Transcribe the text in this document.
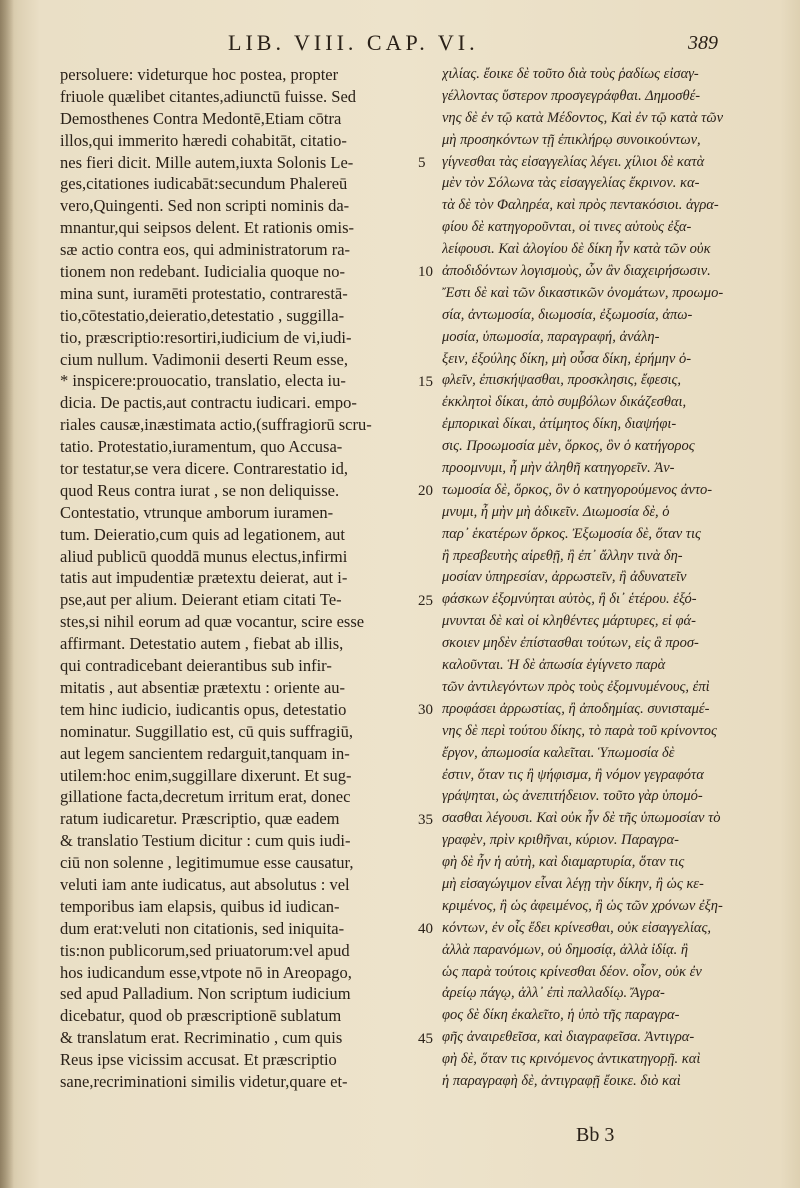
LIB. VIII. CAP. VI.	389
persoluere: videturque hoc postea, propter
friuole quælibet citantes,adiunctū fuisse. Sed
Demosthenes Contra Medontē,Etiam cōtra
illos,qui immerito hæredi cohabitāt, citatio-
nes fieri dicit. Mille autem,iuxta Solonis Le-
ges,citationes iudicabāt:secundum Phalereū
vero,Quingenti. Sed non scripti nominis da-
mnantur,qui seipsos delent. Et rationis omis-
sæ actio contra eos, qui administratorum ra-
tionem non redebant. Iudicialia quoque no-
mina sunt, iuramēti protestatio, contrarestā-
tio,cōtestatio,deieratio,detestatio , suggilla-
tio, præscriptio:resortiri,iudicium de vi,iudi-
cium nullum. Vadimonii deserti Reum esse,
* inspicere:prouocatio, translatio, electa iu-
dicia. De pactis,aut contractu iudicari. empo-
riales causæ,inæstimata actio,(suffragiorū scru-
tatio. Protestatio,iuramentum, quo Accusa-
tor testatur,se vera dicere. Contrarestatio id,
quod Reus contra iurat , se non deliquisse.
Contestatio, vtrunque amborum iuramen-
tum. Deieratio,cum quis ad legationem, aut
aliud publicū quoddā munus electus,infirmi
tatis aut impudentiæ prætextu deierat, aut i-
pse,aut per alium. Deierant etiam citati Te-
stes,si nihil eorum ad quæ vocantur, scire esse
affirmant. Detestatio autem , fiebat ab illis,
qui contradicebant deierantibus sub infir-
mitatis , aut absentiæ prætextu : oriente au-
tem hinc iudicio, iudicantis opus, detestatio
nominatur. Suggillatio est, cū quis suffragiū,
aut legem sancientem redarguit,tanquam in-
utilem:hoc enim,suggillare dixerunt. Et sug-
gillatione facta,decretum irritum erat, donec
ratum iudicaretur. Præscriptio, quæ eadem
& translatio Testium dicitur : cum quis iudi-
ciū non solenne , legitimumue esse causatur,
veluti iam ante iudicatus, aut absolutus : vel
temporibus iam elapsis, quibus id iudican-
dum erat:veluti non citationis, sed iniquita-
tis:non publicorum,sed priuatorum:vel apud
hos iudicandum esse,vtpote nō in Areopago,
sed apud Palladium. Non scriptum iudicium
dicebatur, quod ob præscriptionē sublatum
& translatum erat. Recriminatio , cum quis
Reus ipse vicissim accusat. Et præscriptio
sane,recriminationi similis videtur,quare et-
5
10
15
20
25
30
35
40
45
χιλίας. ἔοικε δὲ τοῦτο διὰ τοὺς ῥαδίως εἰσαγ-
γέλλοντας ὕστερον προσγεγράφθαι. Δημοσθέ-
νης δὲ ἐν τῷ κατὰ Μέδοντος, Καὶ ἐν τῷ κατὰ τῶν
μὴ προσηκόντων τῇ ἐπικλήρῳ συνοικούντων,
γίγνεσθαι τὰς εἰσαγγελίας λέγει. χίλιοι δὲ κατὰ
μὲν τὸν Σόλωνα τὰς εἰσαγγελίας ἔκρινον. κα-
τὰ δὲ τὸν Φαληρέα, καὶ πρὸς πεντακόσιοι. ἀγρα-
φίου δὲ κατηγοροῦνται, οἱ τινες αὑτοὺς ἐξα-
λείφουσι. Καὶ ἀλογίου δὲ δίκη ἦν κατὰ τῶν οὐκ
ἀποδιδόντων λογισμοὺς, ὧν ἂν διαχειρήσωσιν.
Ἔστι δὲ καὶ τῶν δικαστικῶν ὀνομάτων, προωμο-
σία, ἀντωμοσία, διωμοσία, ἐξωμοσία, ἀπω-
μοσία, ὑπωμοσία, παραγραφή, ἀνάλη-
ξειν, ἐξούλης δίκη, μὴ οὖσα δίκη, ἐρήμην ὀ-
φλεῖν, ἐπισκήψασθαι, προσκλησις, ἔφεσις,
ἐκκλητοὶ δίκαι, ἀπὸ συμβόλων δικάζεσθαι,
ἐμπορικαὶ δίκαι, ἀτίμητος δίκη, διαψήφι-
σις. Προωμοσία μὲν, ὅρκος, ὃν ὁ κατήγορος
προομνυμι, ἦ μὴν ἀληθῆ κατηγορεῖν. Ἀν-
τωμοσία δὲ, ὅρκος, ὃν ὁ κατηγορούμενος ἀντο-
μνυμι, ἦ μὴν μὴ ἀδικεῖν. Διωμοσία δὲ, ὁ
παρ᾽ ἑκατέρων ὅρκος. Ἐξωμοσία δὲ, ὅταν τις
ἢ πρεσβευτὴς αἱρεθῇ, ἢ ἐπ᾽ ἄλλην τινὰ δη-
μοσίαν ὑπηρεσίαν, ἀρρωστεῖν, ἢ ἀδυνατεῖν
φάσκων ἐξομνύηται αὐτὸς, ἢ δι᾽ ἑτέρου. ἐξό-
μνυνται δὲ καὶ οἱ κληθέντες μάρτυρες, εἰ φά-
σκοιεν μηδὲν ἐπίστασθαι τούτων, εἰς ἃ προσ-
καλοῦνται. Ἡ δὲ ἀπωσία ἐγίγνετο παρὰ
τῶν ἀντιλεγόντων πρὸς τοὺς ἐξομνυμένους, ἐπὶ
προφάσει ἀρρωστίας, ἢ ἀποδημίας. συνισταμέ-
νης δὲ περὶ τούτου δίκης, τὸ παρὰ τοῦ κρίνοντος
ἔργον, ἀπωμοσία καλεῖται. Ὑπωμοσία δὲ
ἐστιν, ὅταν τις ἢ ψήφισμα, ἢ νόμον γεγραφότα
γράψηται, ὡς ἀνεπιτήδειον. τοῦτο γὰρ ὑπομό-
σασθαι λέγουσι. Καὶ οὐκ ἦν δὲ τῆς ὑπωμοσίαν τὸ
γραφὲν, πρὶν κριθῆναι, κύριον. Παραγρα-
φὴ δὲ ἦν ἡ αὐτὴ, καὶ διαμαρτυρία, ὅταν τις
μὴ εἰσαγώγιμον εἶναι λέγῃ τὴν δίκην, ἢ ὡς κε-
κριμένος, ἢ ὡς ἀφειμένος, ἢ ὡς τῶν χρόνων ἐξη-
κόντων, ἐν οἷς ἔδει κρίνεσθαι, οὐκ εἰσαγγελίας,
ἀλλὰ παρανόμων, οὐ δημοσίᾳ, ἀλλὰ ἰδίᾳ. ἢ
ὡς παρὰ τούτοις κρίνεσθαι δέον. οἷον, οὐκ ἐν
ἀρείῳ πάγῳ, ἀλλ᾽ ἐπὶ παλλαδίῳ. Ἄγρα-
φος δὲ δίκη ἐκαλεῖτο, ἡ ὑπὸ τῆς παραγρα-
φῆς ἀναιρεθεῖσα, καὶ διαγραφεῖσα. Ἀντιγρα-
φὴ δὲ, ὅταν τις κρινόμενος ἀντικατηγορῇ. καὶ
ἡ παραγραφὴ δὲ, ἀντιγραφῇ ἔοικε. διὸ καὶ
Bb 3
